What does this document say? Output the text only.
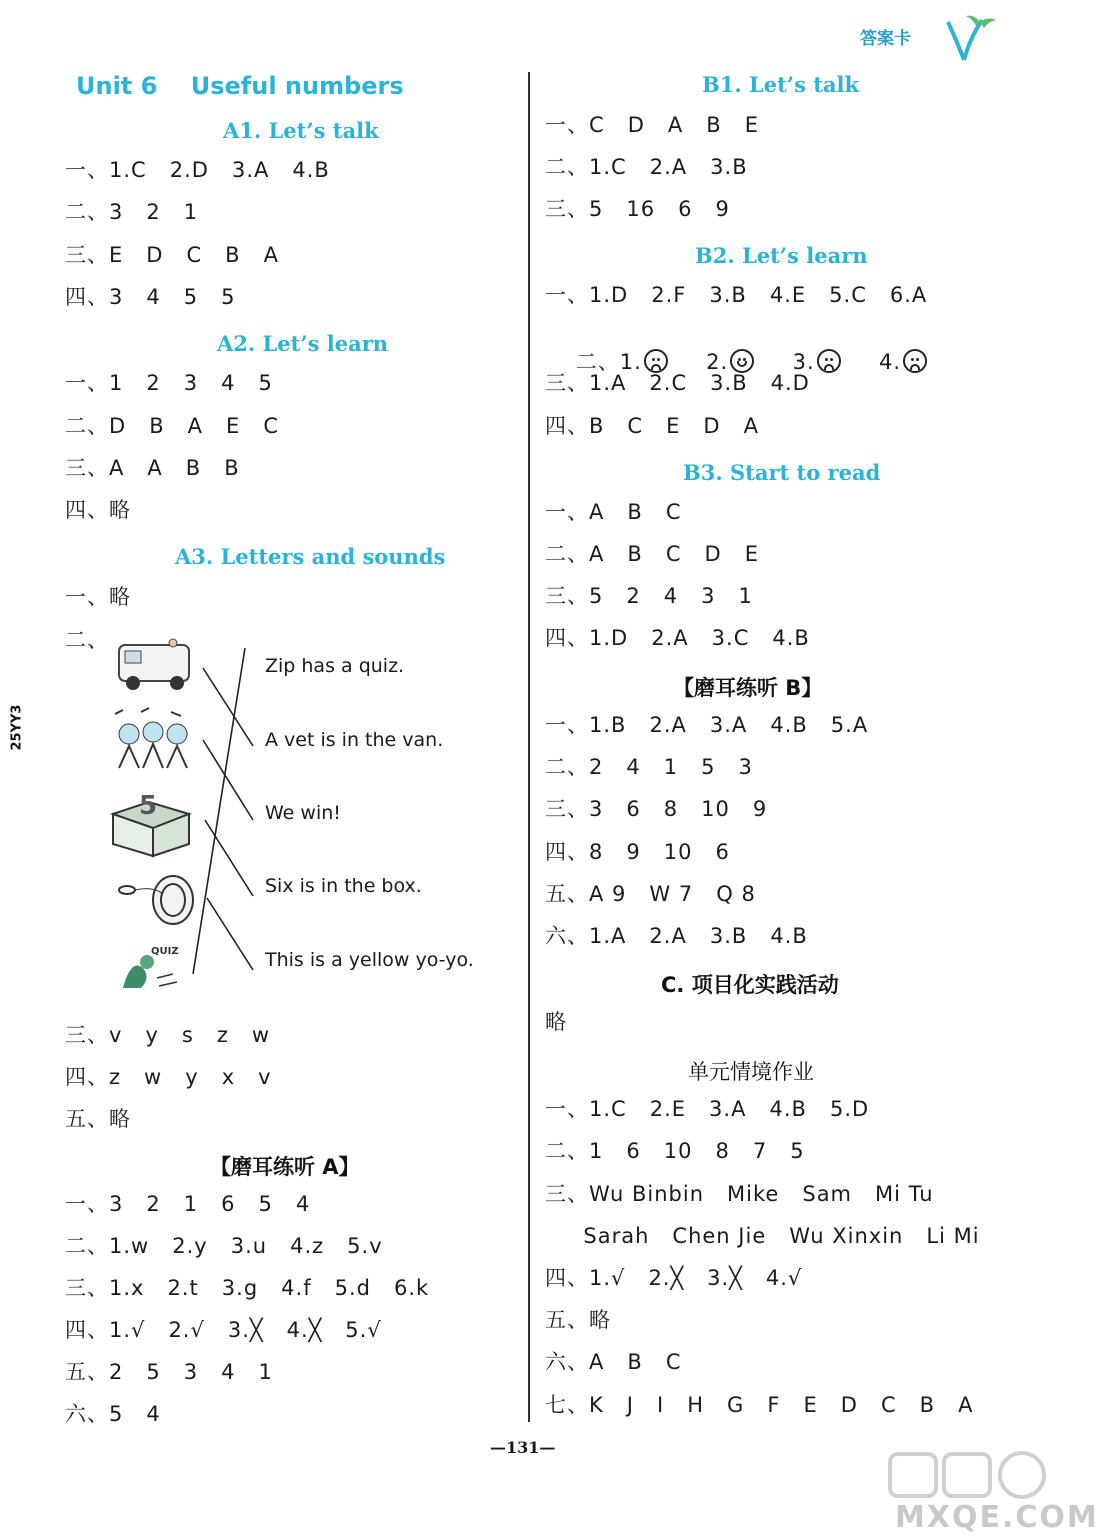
答案卡
25YY3
Unit 6    Useful numbers
A1. Let’s talk
一、1.C   2.D   3.A   4.B
二、3   2   1
三、E   D   C   B   A
四、3   4   5   5
A2. Let’s learn
一、1   2   3   4   5
二、D   B   A   E   C
三、A   A   B   B
四、略
A3. Letters and sounds
一、略
二、
5
QUIZ
Zip has a quiz.
A vet is in the van.
We win!
Six is in the box.
This is a yellow yo-yo.
三、v   y   s   z   w
四、z   w   y   x   v
五、略
【磨耳练听 A】
一、3   2   1   6   5   4
二、1.w   2.y   3.u   4.z   5.v
三、1.x   2.t   3.g   4.f   5.d   6.k
四、1.√   2.√   3.╳   4.╳   5.√
五、2   5   3   4   1
六、5   4
B1. Let’s talk
一、C   D   A   B   E
二、1.C   2.A   3.B
三、5   16   6   9
B2. Let’s learn
一、1.D   2.F   3.B   4.E   5.C   6.A

二、1.	2.	3.	4.

三、1.A   2.C   3.B   4.D
四、B   C   E   D   A
B3. Start to read
一、A   B   C
二、A   B   C   D   E
三、5   2   4   3   1
四、1.D   2.A   3.C   4.B
【磨耳练听 B】
一、1.B   2.A   3.A   4.B   5.A
二、2   4   1   5   3
三、3   6   8   10   9
四、8   9   10   6
五、A 9   W 7   Q 8
六、1.A   2.A   3.B   4.B
C. 项目化实践活动
略
单元情境作业
一、1.C   2.E   3.A   4.B   5.D
二、1   6   10   8   7   5
三、Wu Binbin   Mike   Sam   Mi Tu
Sarah   Chen Jie   Wu Xinxin   Li Mi
四、1.√   2.╳   3.╳   4.√
五、略
六、A   B   C
七、K   J   I   H   G   F   E   D   C   B   A
—131—
MXQE.COM
